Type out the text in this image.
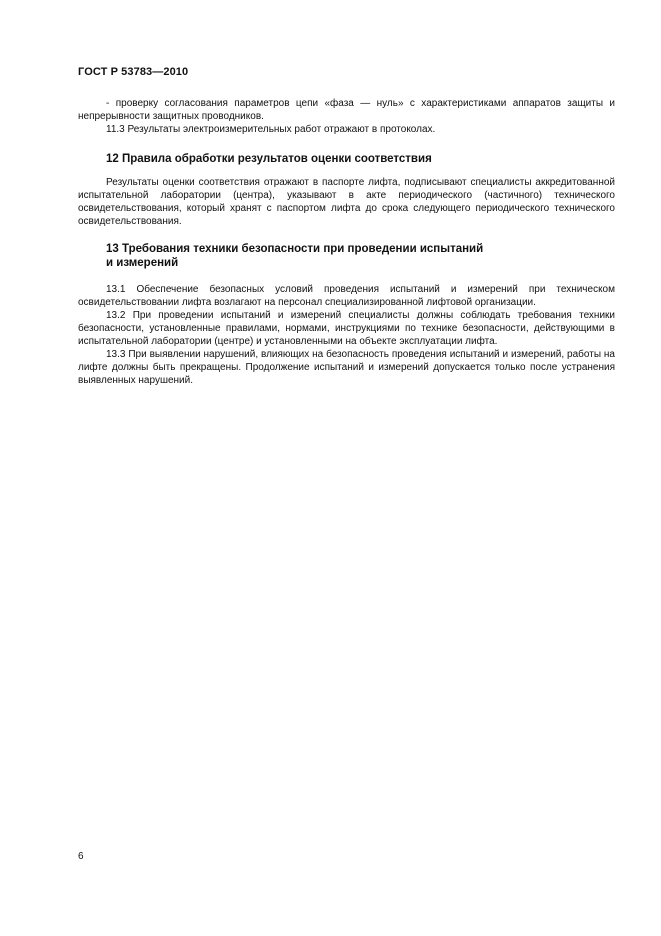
ГОСТ Р 53783—2010

- проверку согласования параметров цепи «фаза — нуль» с характеристиками аппаратов защиты и непрерывности защитных проводников.

11.3 Результаты электроизмерительных работ отражают в протоколах.

12 Правила обработки результатов оценки соответствия

Результаты оценки соответствия отражают в паспорте лифта, подписывают специалисты аккредитованной испытательной лаборатории (центра), указывают в акте периодического (частичного) технического освидетельствования, который хранят с паспортом лифта до срока следующего периодического технического освидетельствования.

13 Требования техники безопасности при проведении испытаний
и измерений

13.1 Обеспечение безопасных условий проведения испытаний и измерений при техническом освидетельствовании лифта возлагают на персонал специализированной лифтовой организации.

13.2 При проведении испытаний и измерений специалисты должны соблюдать требования техники безопасности, установленные правилами, нормами, инструкциями по технике безопасности, действующими в испытательной лаборатории (центре) и установленными на объекте эксплуатации лифта.

13.3 При выявлении нарушений, влияющих на безопасность проведения испытаний и измерений, работы на лифте должны быть прекращены. Продолжение испытаний и измерений допускается только после устранения выявленных нарушений.

6
